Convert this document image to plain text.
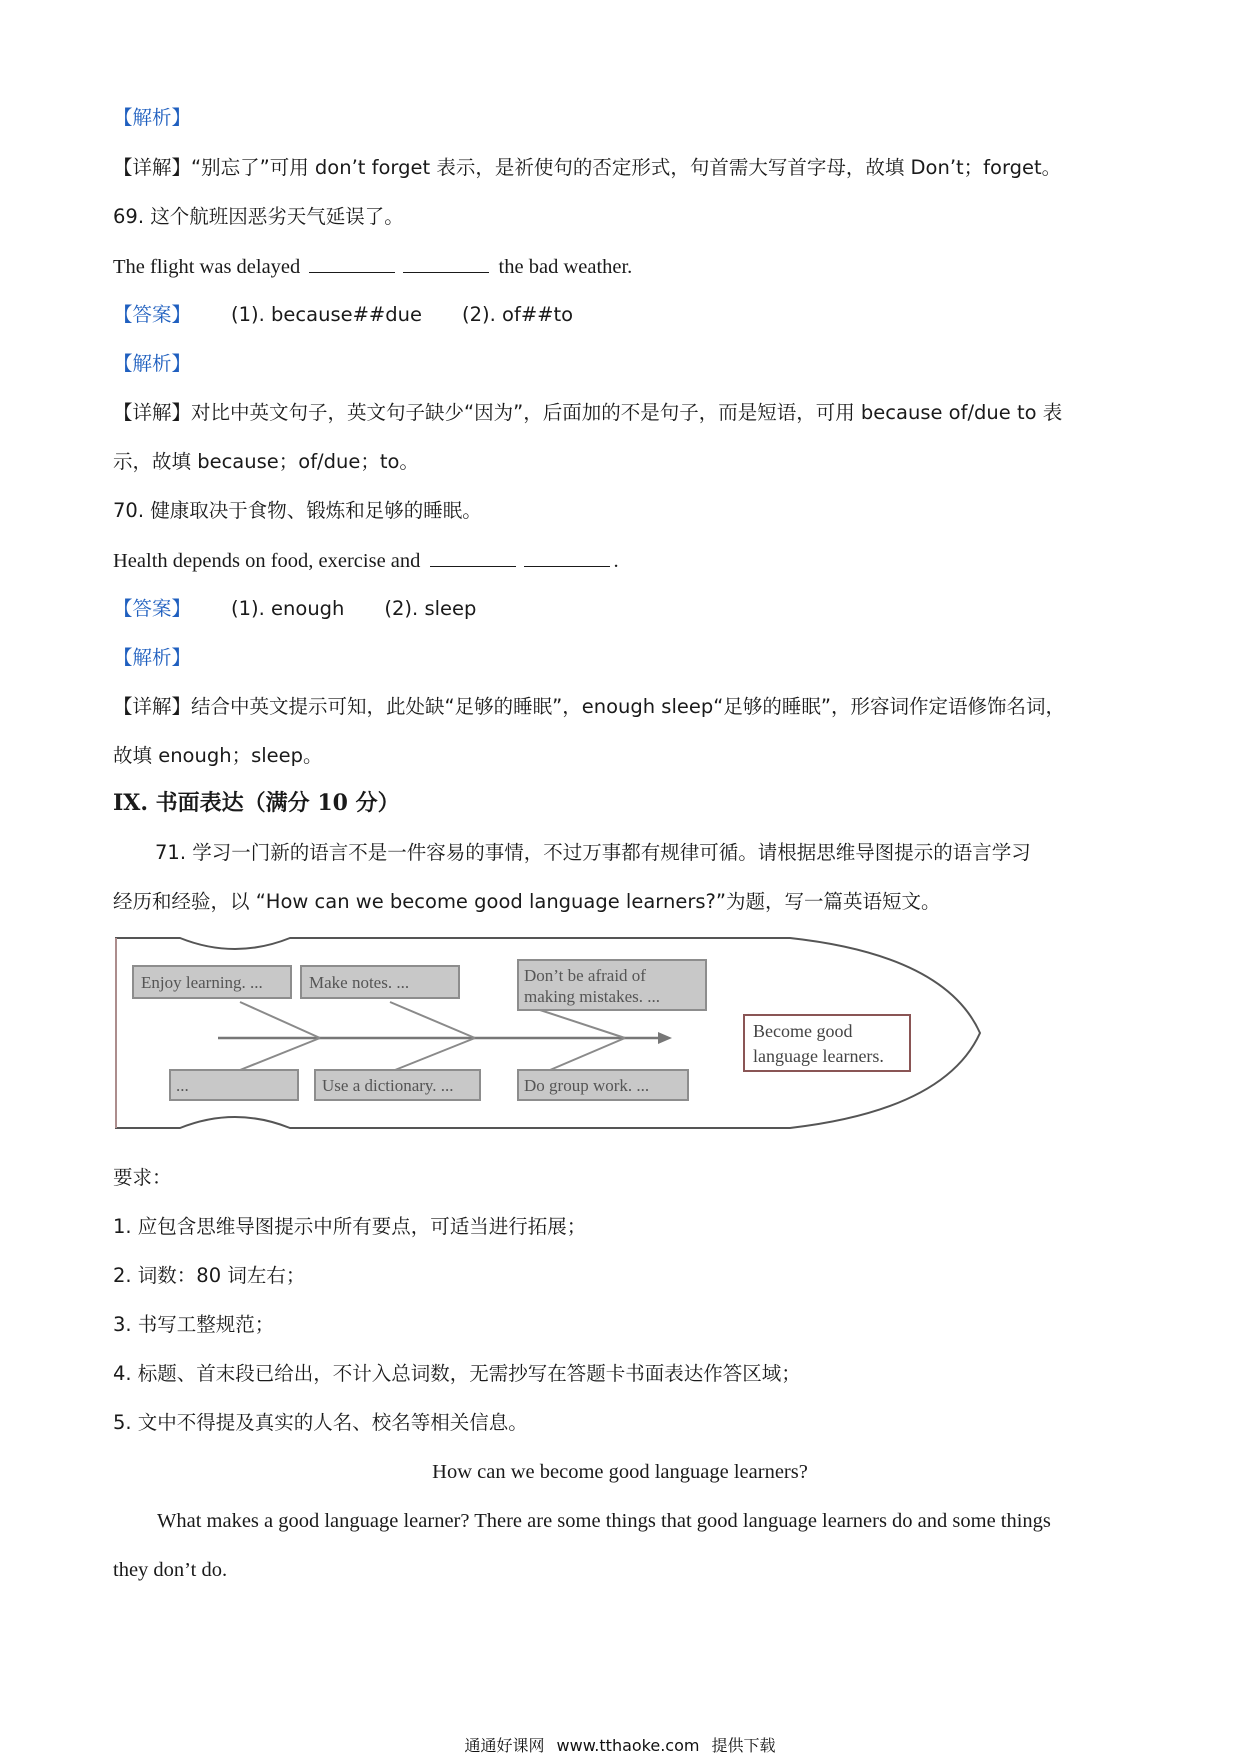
【解析】
【详解】“别忘了”可用 don’t forget 表示，是祈使句的否定形式，句首需大写首字母，故填 Don’t；forget。
69. 这个航班因恶劣天气延误了。
The flight was delayed	the bad weather.
【答案】 (1). because##due (2). of##to
【解析】
【详解】对比中英文句子，英文句子缺少“因为”，后面加的不是句子，而是短语，可用 because of/due to 表
示，故填 because；of/due；to。
70. 健康取决于食物、锻炼和足够的睡眠。
Health depends on food, exercise and	.
【答案】 (1). enough (2). sleep
【解析】
【详解】结合中英文提示可知，此处缺“足够的睡眠”，enough sleep“足够的睡眠”，形容词作定语修饰名词，
故填 enough；sleep。
IX. 书面表达（满分 10 分）
71. 学习一门新的语言不是一件容易的事情，不过万事都有规律可循。请根据思维导图提示的语言学习
经历和经验，以 “How can we become good language learners?”为题，写一篇英语短文。
Enjoy learning. ...	Make notes. ...	Don’t be afraid of
making mistakes. ...
...	Use a dictionary. ...	Do group work. ...
Become good
language learners.
要求：
1. 应包含思维导图提示中所有要点，可适当进行拓展；
2. 词数：80 词左右；
3. 书写工整规范；
4. 标题、首末段已给出，不计入总词数，无需抄写在答题卡书面表达作答区域；
5. 文中不得提及真实的人名、校名等相关信息。
How can we become good language learners?
What makes a good language learner? There are some things that good language learners do and some things
they don’t do.
通通好课网 www.tthaoke.com 提供下载
